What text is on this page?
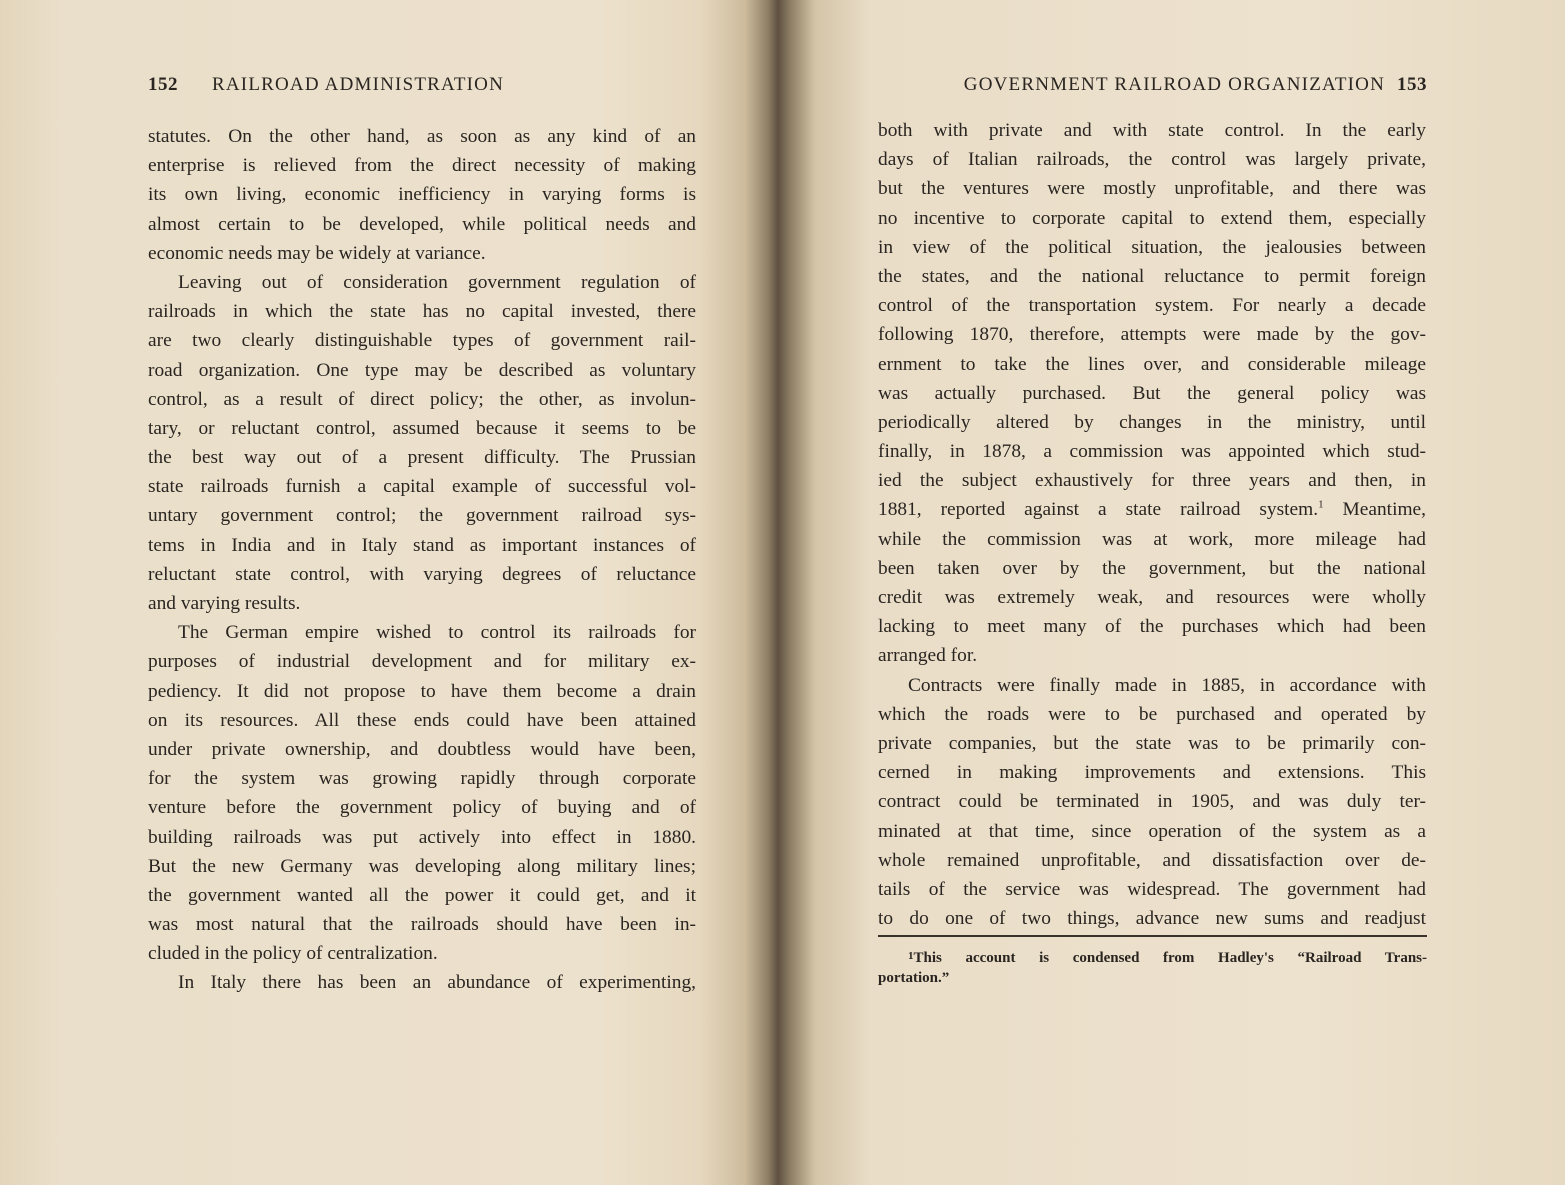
152 RAILROAD ADMINISTRATION
statutes. On the other hand, as soon as any kind of an
enterprise is relieved from the direct necessity of making
its own living, economic inefficiency in varying forms is
almost certain to be developed, while political needs and
economic needs may be widely at variance.
Leaving out of consideration government regulation of
railroads in which the state has no capital invested, there
are two clearly distinguishable types of government rail-
road organization. One type may be described as voluntary
control, as a result of direct policy; the other, as involun-
tary, or reluctant control, assumed because it seems to be
the best way out of a present difficulty. The Prussian
state railroads furnish a capital example of successful vol-
untary government control; the government railroad sys-
tems in India and in Italy stand as important instances of
reluctant state control, with varying degrees of reluctance
and varying results.
The German empire wished to control its railroads for
purposes of industrial development and for military ex-
pediency. It did not propose to have them become a drain
on its resources. All these ends could have been attained
under private ownership, and doubtless would have been,
for the system was growing rapidly through corporate
venture before the government policy of buying and of
building railroads was put actively into effect in 1880.
But the new Germany was developing along military lines;
the government wanted all the power it could get, and it
was most natural that the railroads should have been in-
cluded in the policy of centralization.
In Italy there has been an abundance of experimenting,
GOVERNMENT RAILROAD ORGANIZATION 153
both with private and with state control. In the early
days of Italian railroads, the control was largely private,
but the ventures were mostly unprofitable, and there was
no incentive to corporate capital to extend them, especially
in view of the political situation, the jealousies between
the states, and the national reluctance to permit foreign
control of the transportation system. For nearly a decade
following 1870, therefore, attempts were made by the gov-
ernment to take the lines over, and considerable mileage
was actually purchased. But the general policy was
periodically altered by changes in the ministry, until
finally, in 1878, a commission was appointed which stud-
ied the subject exhaustively for three years and then, in
1881, reported against a state railroad system.$^1$ Meantime,
while the commission was at work, more mileage had
been taken over by the government, but the national
credit was extremely weak, and resources were wholly
lacking to meet many of the purchases which had been
arranged for.
Contracts were finally made in 1885, in accordance with
which the roads were to be purchased and operated by
private companies, but the state was to be primarily con-
cerned in making improvements and extensions. This
contract could be terminated in 1905, and was duly ter-
minated at that time, since operation of the system as a
whole remained unprofitable, and dissatisfaction over de-
tails of the service was widespread. The government had
to do one of two things, advance new sums and readjust
$^1$This account is condensed from Hadley's “Railroad Trans-
portation.”
